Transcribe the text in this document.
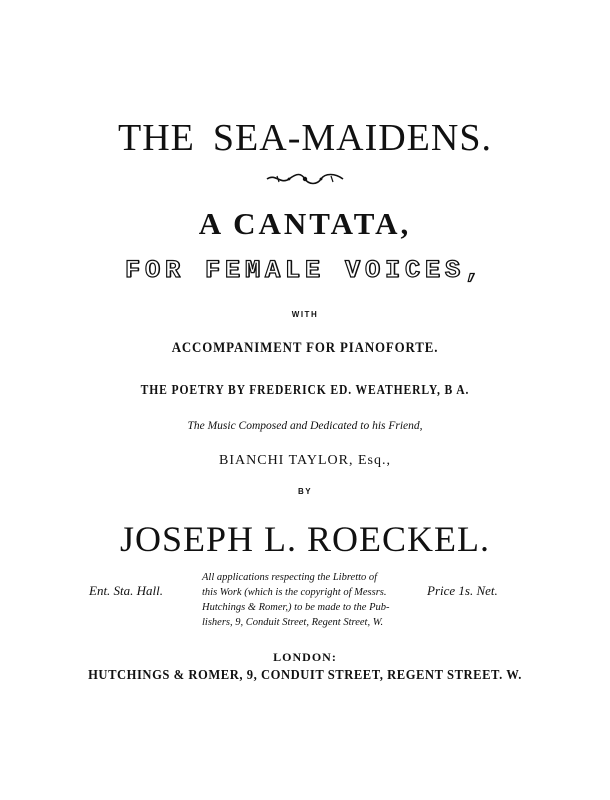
THE SEA-MAIDENS.
A CANTATA,
FOR FEMALE VOICES,
WITH
ACCOMPANIMENT FOR PIANOFORTE.
THE POETRY BY FREDERICK ED. WEATHERLY, B A.
The Music Composed and Dedicated to his Friend,
BIANCHI TAYLOR, Esq.,
BY
JOSEPH L. ROECKEL.
Ent. Sta. Hall.
All applications respecting the Libretto of
this Work (which is the copyright of Messrs.
Hutchings & Romer,) to be made to the Pub-
lishers, 9, Conduit Street, Regent Street, W.
Price 1s. Net.
LONDON:
HUTCHINGS & ROMER, 9, CONDUIT STREET, REGENT STREET. W.
